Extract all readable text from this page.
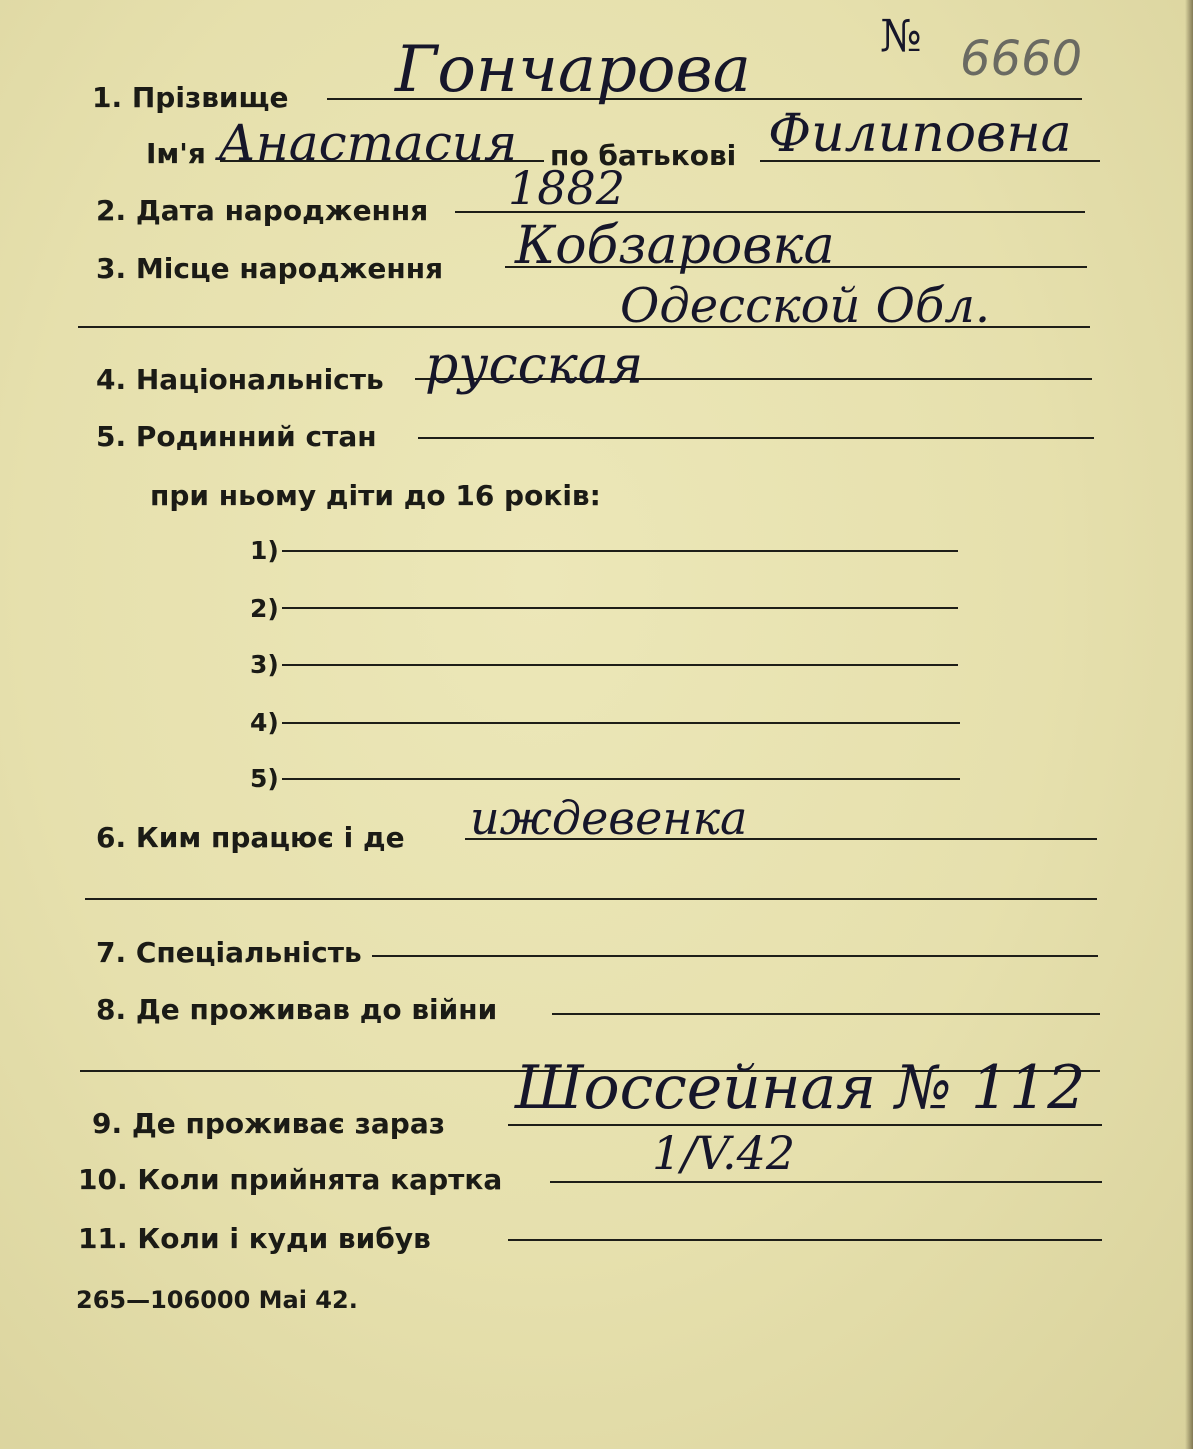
№ 6660
1. Прізвище Гончарова
Ім'я Анастасия по батькові Филиповна
2. Дата народження 1882
3. Місце народження Кобзаровка
Одесской Обл.
4. Національність русская
5. Родинний стан
при ньому діти до 16 років:
1)
2)
3)
4)
5)
6. Ким працює і де иждевенка
7. Спеціальність
8. Де проживав до війни
9. Де проживає зараз
Шоссейная № 112
10. Коли прийнята картка	1/V.42
11. Коли і куди вибув
265—106000 Mai 42.
